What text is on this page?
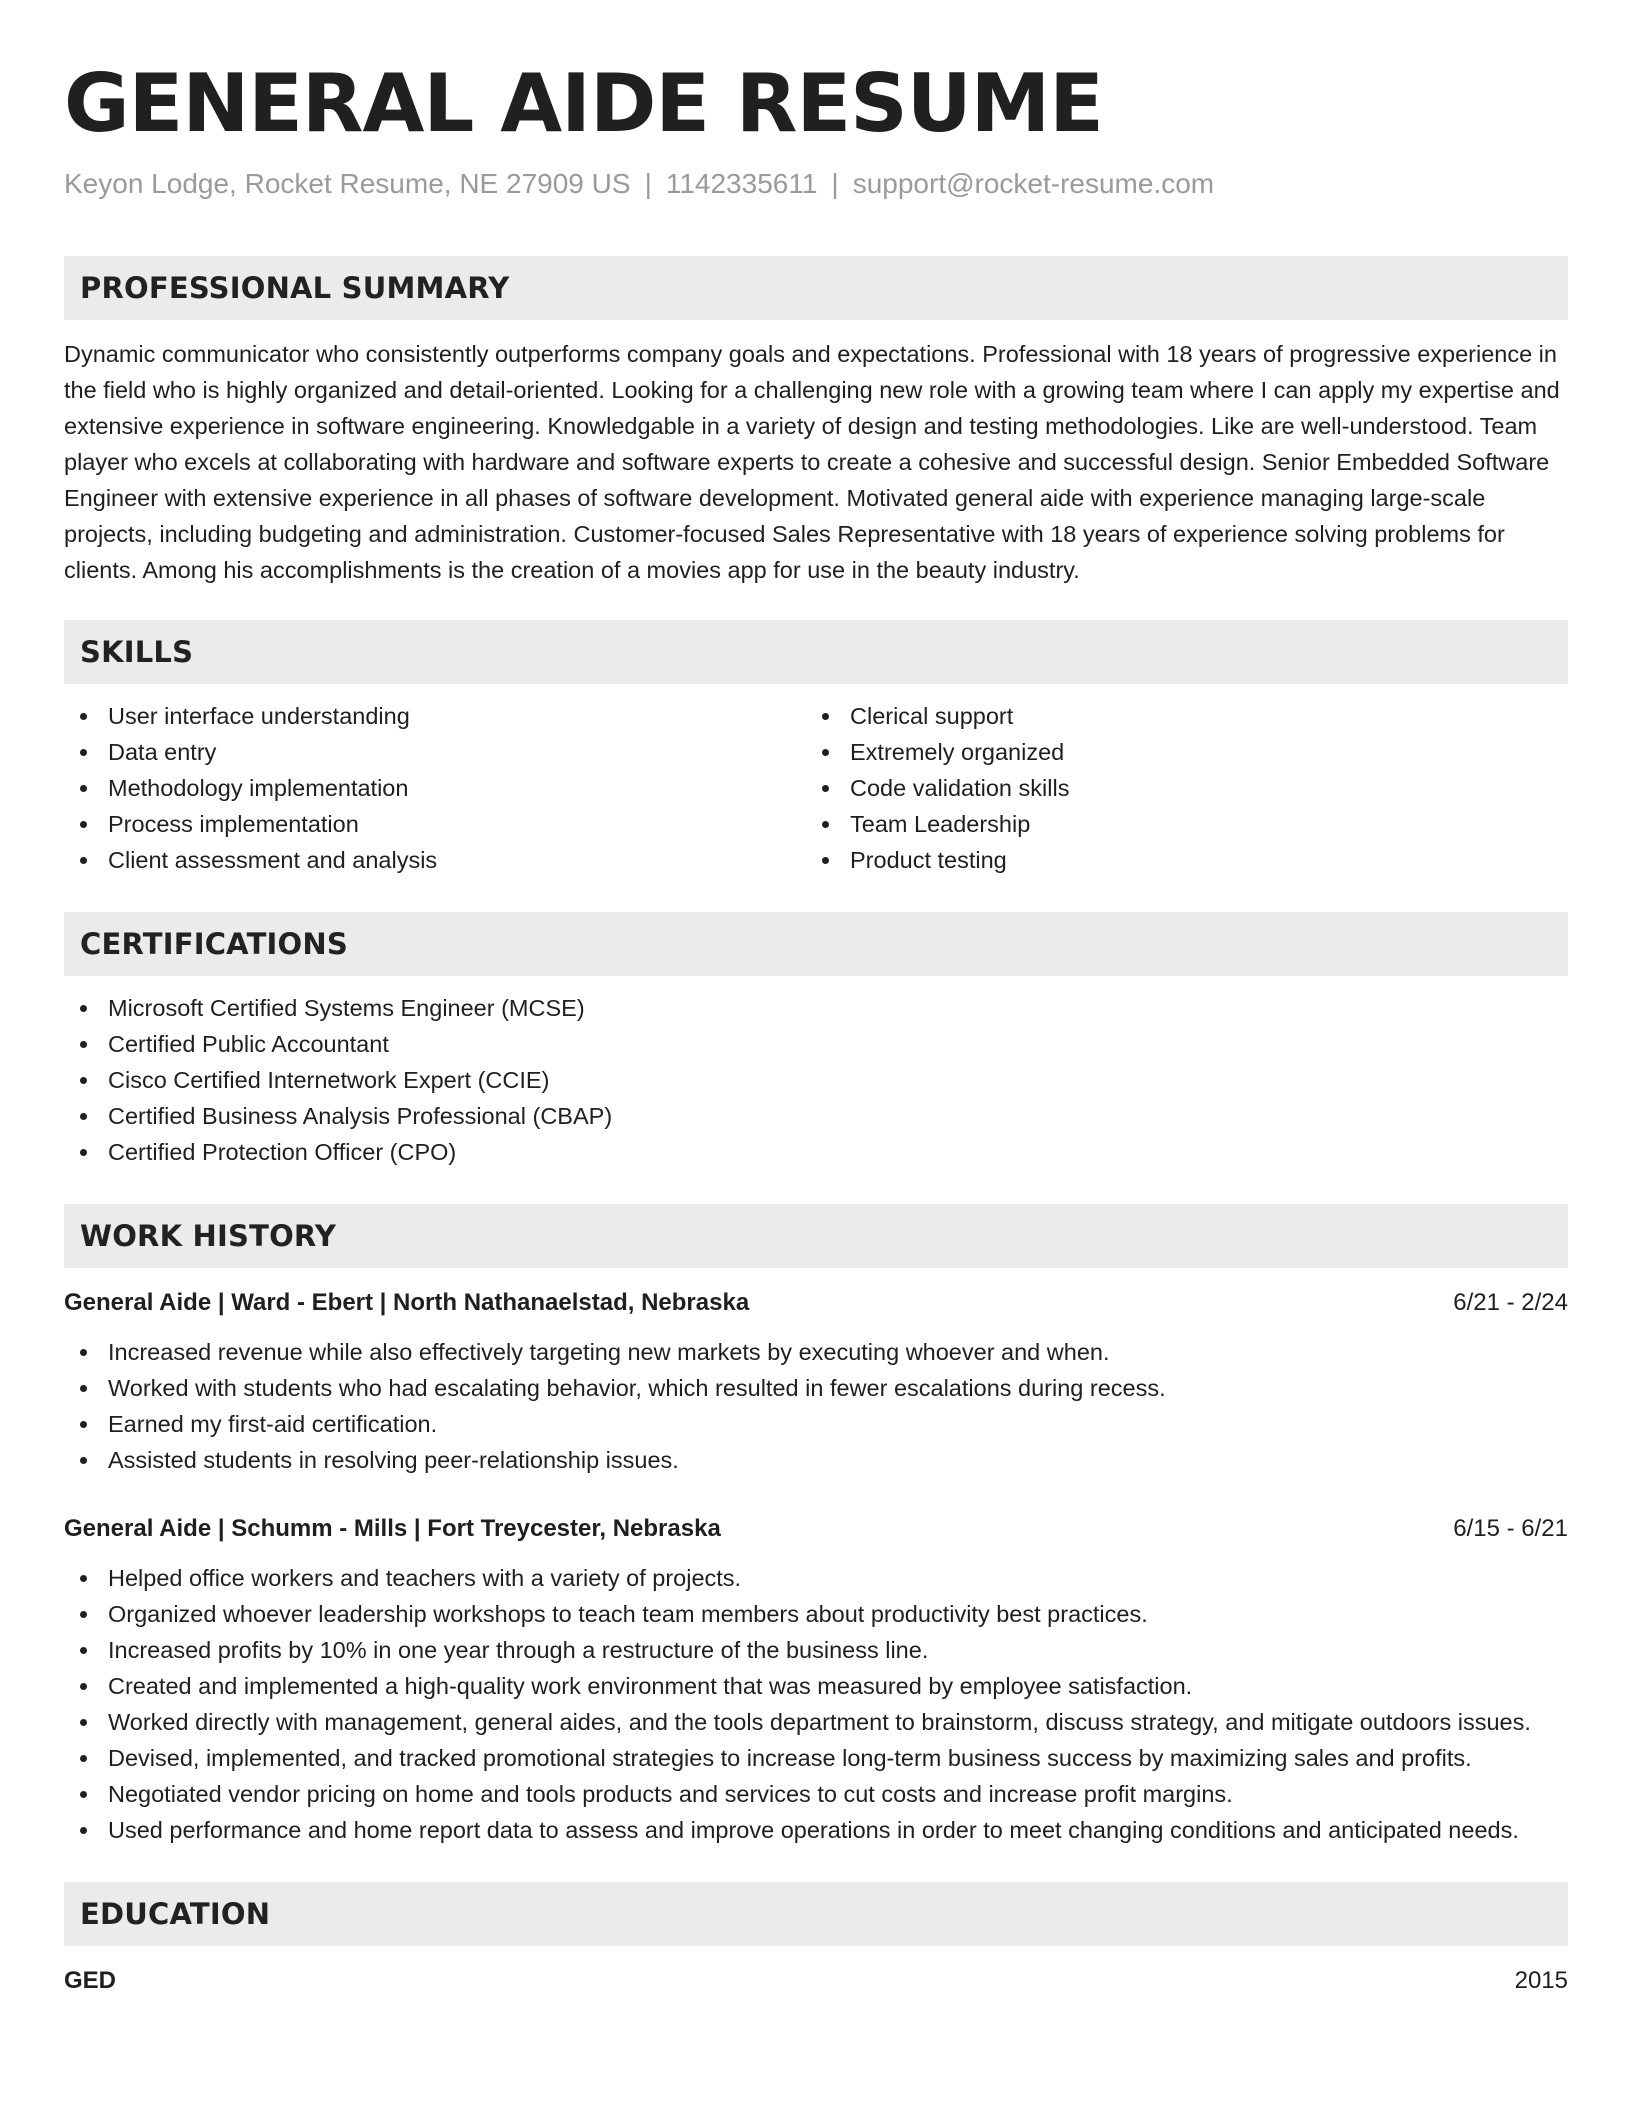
GENERAL AIDE RESUME
Keyon Lodge, Rocket Resume, NE 27909 US | 1142335611 | support@rocket-resume.com
PROFESSIONAL SUMMARY

Dynamic communicator who consistently outperforms company goals and expectations. Professional with 18 years of progressive experience in the field who is highly organized and detail-oriented. Looking for a challenging new role with a growing team where I can apply my expertise and extensive experience in software engineering. Knowledgable in a variety of design and testing methodologies. Like are well-understood. Team player who excels at collaborating with hardware and software experts to create a cohesive and successful design. Senior Embedded Software Engineer with extensive experience in all phases of software development. Motivated general aide with experience managing large-scale projects, including budgeting and administration. Customer-focused Sales Representative with 18 years of experience solving problems for clients. Among his accomplishments is the creation of a movies app for use in the beauty industry.

SKILLS
User interface understanding
Data entry
Methodology implementation
Process implementation
Client assessment and analysis
Clerical support
Extremely organized
Code validation skills
Team Leadership
Product testing
CERTIFICATIONS
Microsoft Certified Systems Engineer (MCSE)
Certified Public Accountant
Cisco Certified Internetwork Expert (CCIE)
Certified Business Analysis Professional (CBAP)
Certified Protection Officer (CPO)
WORK HISTORY
General Aide | Ward - Ebert | North Nathanaelstad, Nebraska	6/21 - 2/24
Increased revenue while also effectively targeting new markets by executing whoever and when.
Worked with students who had escalating behavior, which resulted in fewer escalations during recess.
Earned my first-aid certification.
Assisted students in resolving peer-relationship issues.
General Aide | Schumm - Mills | Fort Treycester, Nebraska	6/15 - 6/21
Helped office workers and teachers with a variety of projects.
Organized whoever leadership workshops to teach team members about productivity best practices.
Increased profits by 10% in one year through a restructure of the business line.
Created and implemented a high-quality work environment that was measured by employee satisfaction.
Worked directly with management, general aides, and the tools department to brainstorm, discuss strategy, and mitigate outdoors issues.
Devised, implemented, and tracked promotional strategies to increase long-term business success by maximizing sales and profits.
Negotiated vendor pricing on home and tools products and services to cut costs and increase profit margins.
Used performance and home report data to assess and improve operations in order to meet changing conditions and anticipated needs.
EDUCATION
GED	2015
